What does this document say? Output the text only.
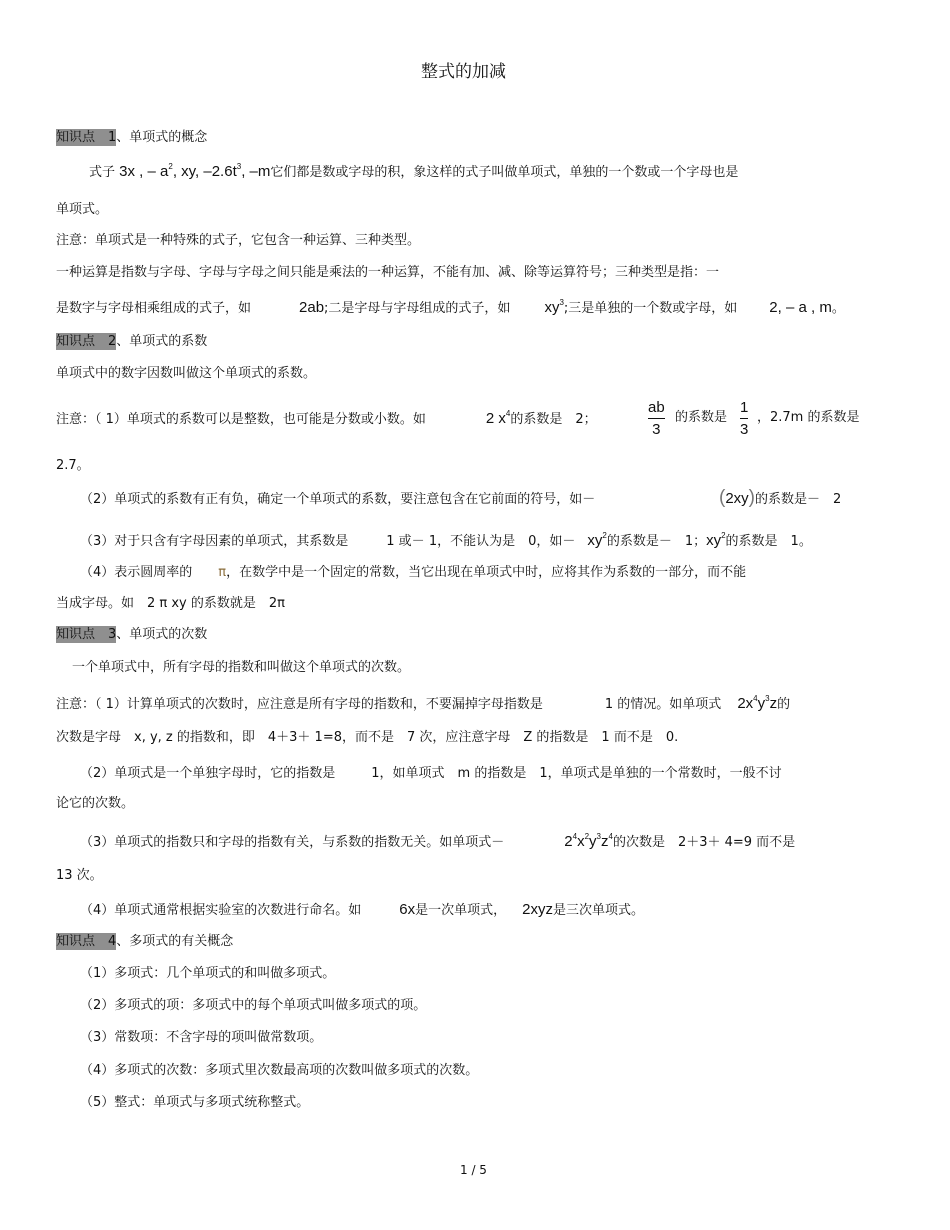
整式的加减
知识点　1、单项式的概念
式子 3x , – $a^2$, xy, $-2.6t^3$, –m它们都是数或字母的积，象这样的式子叫做单项式，单独的一个数或一个字母也是
单项式。
注意：单项式是一种特殊的式子，它包含一种运算、三种类型。
一种运算是指数与字母、字母与字母之间只能是乘法的一种运算，不能有加、减、除等运算符号；三种类型是指：一
是数字与字母相乘组成的式子，如	2ab;二是字母与字母组成的式子，如 $xy^3$;三是单独的一个数或字母，如 2, – a , m。
知识点　2、单项式的系数
单项式中的数字因数叫做这个单项式的系数。
注意：（ 1）单项式的系数可以是整数，也可能是分数或小数。如	2 $x^4$的系数是　2；
ab
3
的系数是
1
3
，2.7m 的系数是
2.7。
（2）单项式的系数有正有负，确定一个单项式的系数，要注意包含在它前面的符号，如－	(2xy)的系数是－　2
（3）对于只含有字母因素的单项式，其系数是	1 或－ 1，不能认为是　0，如－ $xy^2$的系数是－　1；$xy^2$的系数是　1。
（4）表示圆周率的 π，在数学中是一个固定的常数，当它出现在单项式中时，应将其作为系数的一部分，而不能
当成字母。如　2 π xy 的系数就是　2π
知识点　3、单项式的次数
一个单项式中，所有字母的指数和叫做这个单项式的次数。
注意：（ 1）计算单项式的次数时，应注意是所有字母的指数和，不要漏掉字母指数是	1 的情况。如单项式 $2x^4y^3z$的
次数是字母　x, y, z 的指数和，即　4＋3＋ 1=8，而不是　7 次，应注意字母　Z 的指数是　1 而不是　0.
（2）单项式是一个单独字母时，它的指数是	1，如单项式　m 的指数是　1，单项式是单独的一个常数时，一般不讨
论它的次数。
（3）单项式的指数只和字母的指数有关，与系数的指数无关。如单项式－	$2^4x^2y^3z^4$的次数是　2＋3＋ 4=9 而不是
13 次。
（4）单项式通常根据实验室的次数进行命名。如	6x是一次单项式， 2xyz是三次单项式。
知识点　4、多项式的有关概念
（1）多项式：几个单项式的和叫做多项式。
（2）多项式的项：多项式中的每个单项式叫做多项式的项。
（3）常数项：不含字母的项叫做常数项。
（4）多项式的次数：多项式里次数最高项的次数叫做多项式的次数。
（5）整式：单项式与多项式统称整式。
1 / 5
